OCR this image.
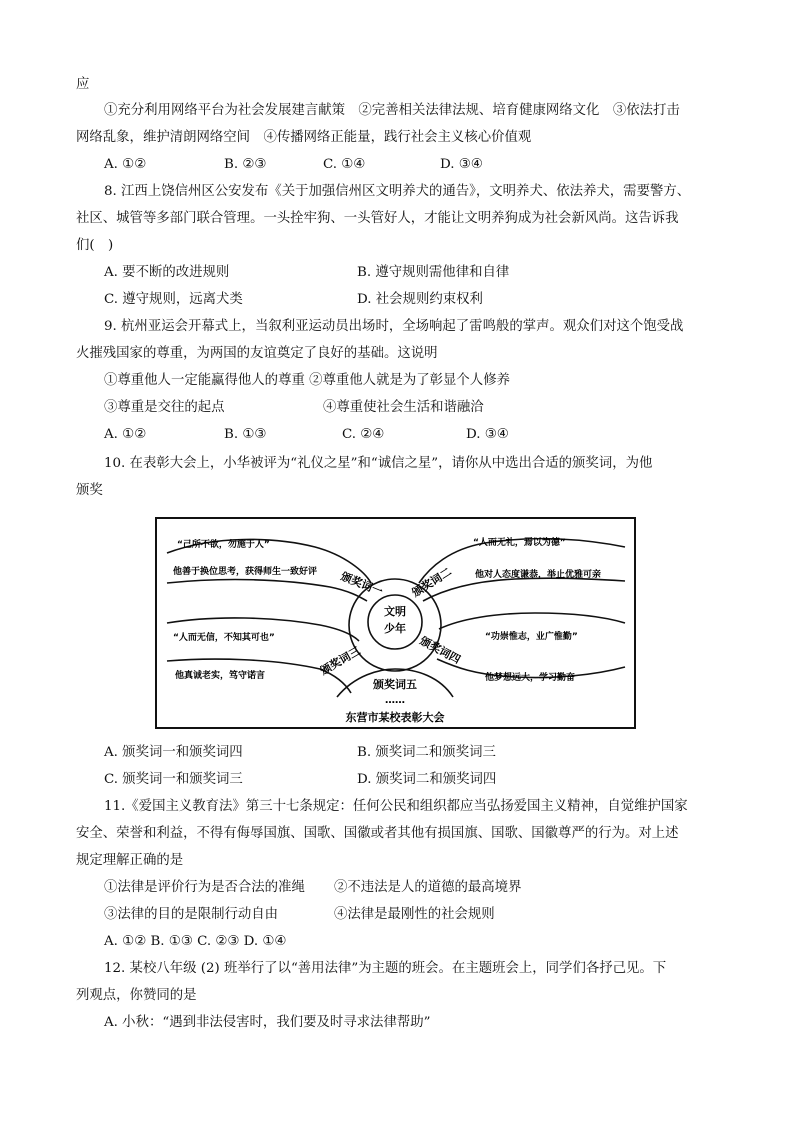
应
①充分利用网络平台为社会发展建言献策　②完善相关法律法规、培育健康网络文化　③依法打击
网络乱象，维护清朗网络空间　④传播网络正能量，践行社会主义核心价值观
A. ①②	B. ②③	C. ①④	D. ③④
8. 江西上饶信州区公安发布《关于加强信州区文明养犬的通告》，文明养犬、依法养犬，需要警方、
社区、城管等多部门联合管理。一头拴牢狗、一头管好人，才能让文明养狗成为社会新风尚。这告诉我
们(　)
A. 要不断的改进规则	B. 遵守规则需他律和自律
C. 遵守规则，远离犬类	D. 社会规则约束权利
9. 杭州亚运会开幕式上，当叙利亚运动员出场时，全场响起了雷鸣般的掌声。观众们对这个饱受战
火摧残国家的尊重，为两国的友谊奠定了良好的基础。这说明
①尊重他人一定能赢得他人的尊重 ②尊重他人就是为了彰显个人修养
③尊重是交往的起点	④尊重使社会生活和谐融洽
A. ①②	B. ①③	C. ②④	D. ③④
10. 在表彰大会上，小华被评为“礼仪之星”和“诚信之星”，请你从中选出合适的颁奖词，为他
颁奖
文明
少年
“己所不欲，勿施于人”
他善于换位思考，获得师生一致好评 颁奖词一
“人而无礼，焉以为德”
他对人态度谦恭，举止优雅可亲
颁奖词二
“人而无信，不知其可也”
他真诚老实，笃守诺言	颁奖词三
“功崇惟志，业广惟勤”
他梦想远大，学习勤奋
颁奖词四
颁奖词五
……
东营市某校表彰大会
A. 颁奖词一和颁奖词四	B. 颁奖词二和颁奖词三
C. 颁奖词一和颁奖词三	D. 颁奖词二和颁奖词四
11.《爱国主义教育法》第三十七条规定：任何公民和组织都应当弘扬爱国主义精神，自觉维护国家
安全、荣誉和利益，不得有侮辱国旗、国歌、国徽或者其他有损国旗、国歌、国徽尊严的行为。对上述
规定理解正确的是
①法律是评价行为是否合法的准绳 ②不违法是人的道德的最高境界
③法律的目的是限制行动自由	④法律是最刚性的社会规则
A. ①② B. ①③ C. ②③ D. ①④
12. 某校八年级 (2) 班举行了以“善用法律”为主题的班会。在主题班会上，同学们各抒己见。下
列观点，你赞同的是
A. 小秋：“遇到非法侵害时，我们要及时寻求法律帮助”
